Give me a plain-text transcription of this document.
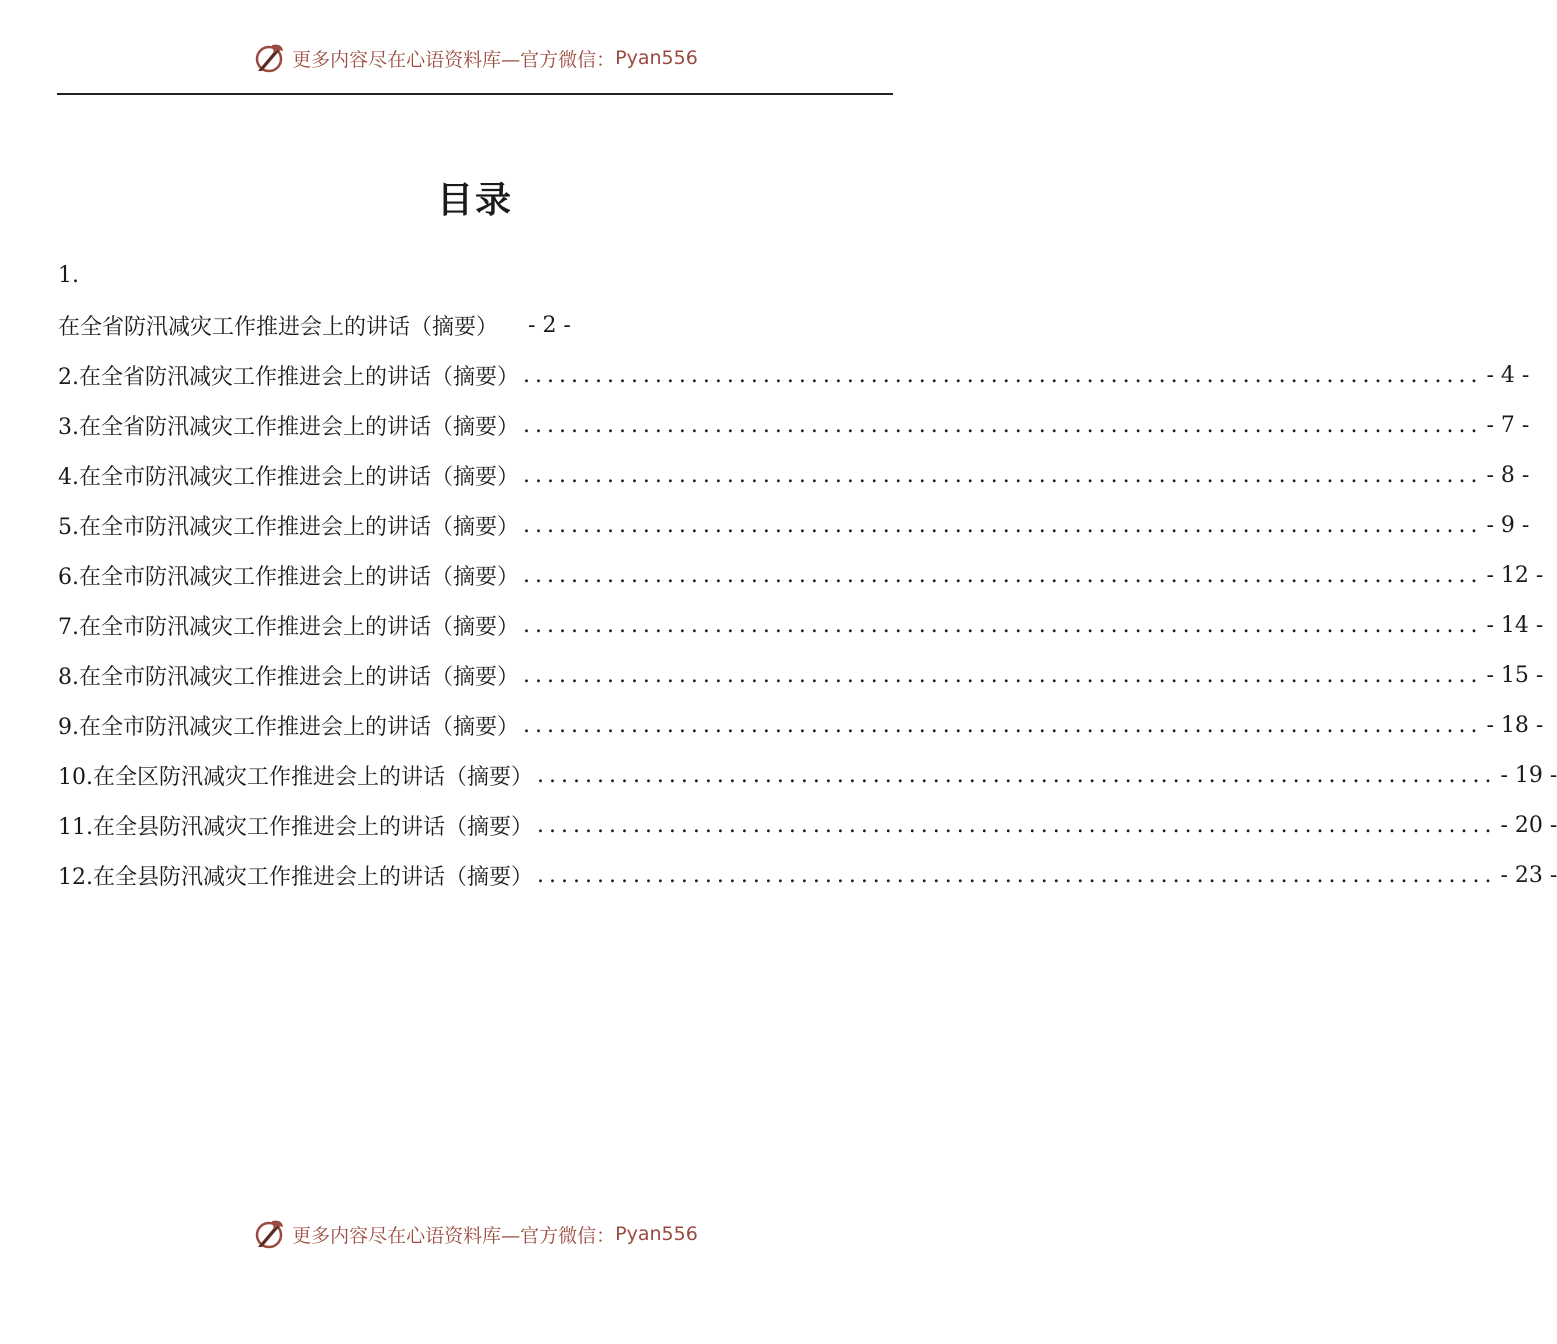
更多内容尽在心语资料库—官方微信： Pyan556
目录
1.
在全省防汛减灾工作推进会上的讲话（摘要） - 2 -
2.在全省防汛减灾工作推进会上的讲话（摘要） ................................................................................ - 4 -
3.在全省防汛减灾工作推进会上的讲话（摘要） ................................................................................ - 7 -
4.在全市防汛减灾工作推进会上的讲话（摘要） ................................................................................ - 8 -
5.在全市防汛减灾工作推进会上的讲话（摘要） ................................................................................ - 9 -
6.在全市防汛减灾工作推进会上的讲话（摘要） ................................................................................ - 12 -
7.在全市防汛减灾工作推进会上的讲话（摘要） ................................................................................ - 14 -
8.在全市防汛减灾工作推进会上的讲话（摘要） ................................................................................ - 15 -
9.在全市防汛减灾工作推进会上的讲话（摘要） ................................................................................ - 18 -
10.在全区防汛减灾工作推进会上的讲话（摘要） ................................................................................ - 19 -
11.在全县防汛减灾工作推进会上的讲话（摘要） ................................................................................ - 20 -
12.在全县防汛减灾工作推进会上的讲话（摘要） ................................................................................ - 23 -
更多内容尽在心语资料库—官方微信： Pyan556
